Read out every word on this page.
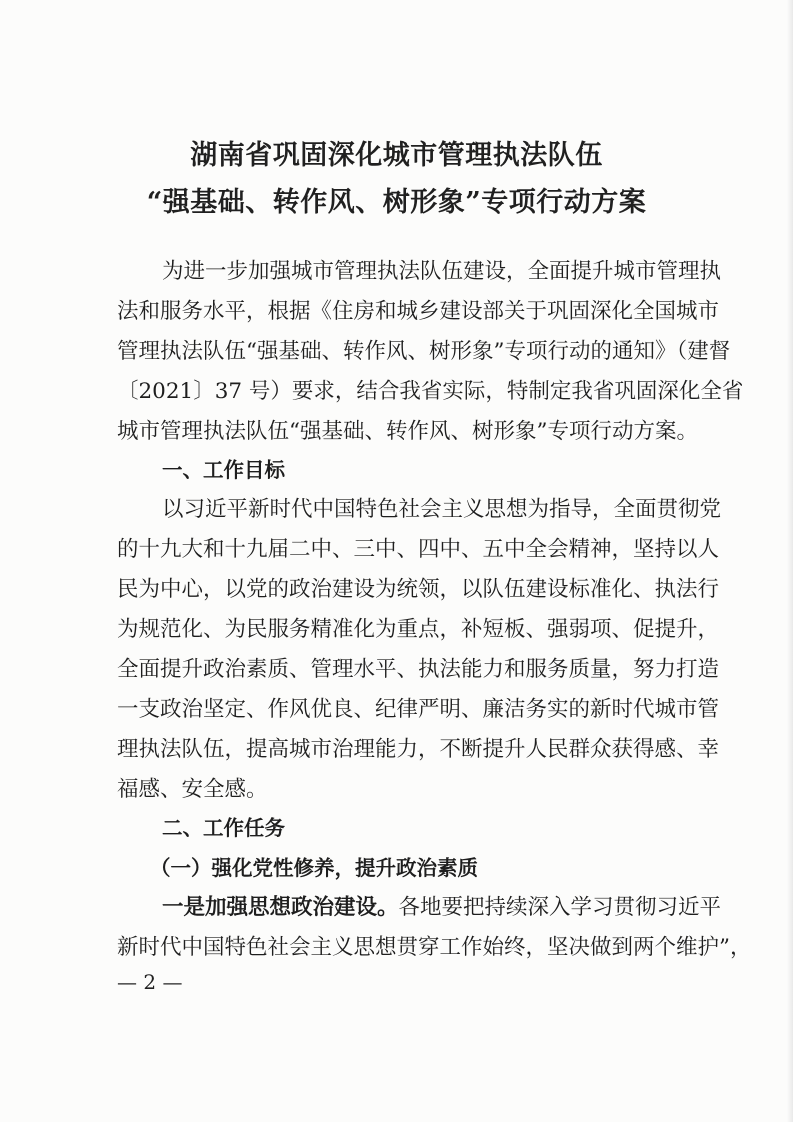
湖南省巩固深化城市管理执法队伍
“强基础、转作风、树形象”专项行动方案
为进一步加强城市管理执法队伍建设，全面提升城市管理执
法和服务水平，根据《住房和城乡建设部关于巩固深化全国城市
管理执法队伍“强基础、转作风、树形象”专项行动的通知》（建督
〔2021〕37 号）要求，结合我省实际，特制定我省巩固深化全省
城市管理执法队伍“强基础、转作风、树形象”专项行动方案。
一、工作目标
以习近平新时代中国特色社会主义思想为指导，全面贯彻党
的十九大和十九届二中、三中、四中、五中全会精神，坚持以人
民为中心，以党的政治建设为统领，以队伍建设标准化、执法行
为规范化、为民服务精准化为重点，补短板、强弱项、促提升，
全面提升政治素质、管理水平、执法能力和服务质量，努力打造
一支政治坚定、作风优良、纪律严明、廉洁务实的新时代城市管
理执法队伍，提高城市治理能力，不断提升人民群众获得感、幸
福感、安全感。
二、工作任务
（一）强化党性修养，提升政治素质
一是加强思想政治建设。各地要把持续深入学习贯彻习近平
新时代中国特色社会主义思想贯穿工作始终，坚决做到两个维护”，
— 2 —
